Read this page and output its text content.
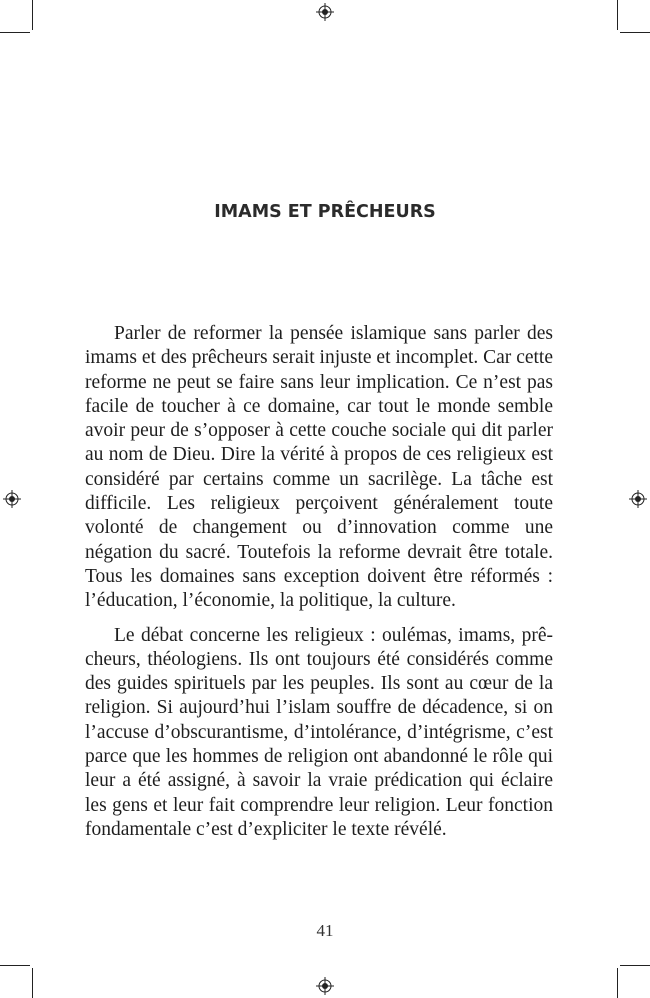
IMAMS ET PRÊCHEURS

Parler de reformer la pensée islamique sans parler des imams et des prêcheurs serait injuste et incomplet. Car cette reforme ne peut se faire sans leur implication. Ce n’est pas facile de toucher à ce domaine, car tout le monde semble avoir peur de s’opposer à cette couche sociale qui dit parler au nom de Dieu. Dire la vérité à propos de ces religieux est considéré par certains comme un sacrilège. La tâche est difficile. Les religieux perçoivent généralement toute volonté de changement ou d’innovation comme une négation du sacré. Toutefois la reforme devrait être totale. Tous les domaines sans exception doivent être réformés : l’éducation, l’économie, la politique, la culture.

Le débat concerne les religieux : oulémas, imams, prêcheurs, théologiens. Ils ont toujours été considérés comme des guides spirituels par les peuples. Ils sont au cœur de la religion. Si aujourd’hui l’islam souffre de décadence, si on l’accuse d’obscurantisme, d’intolérance, d’intégrisme, c’est parce que les hommes de religion ont abandonné le rôle qui leur a été assigné, à savoir la vraie prédication qui éclaire les gens et leur fait comprendre leur religion. Leur fonction fondamentale c’est d’expliciter le texte révélé.

41
